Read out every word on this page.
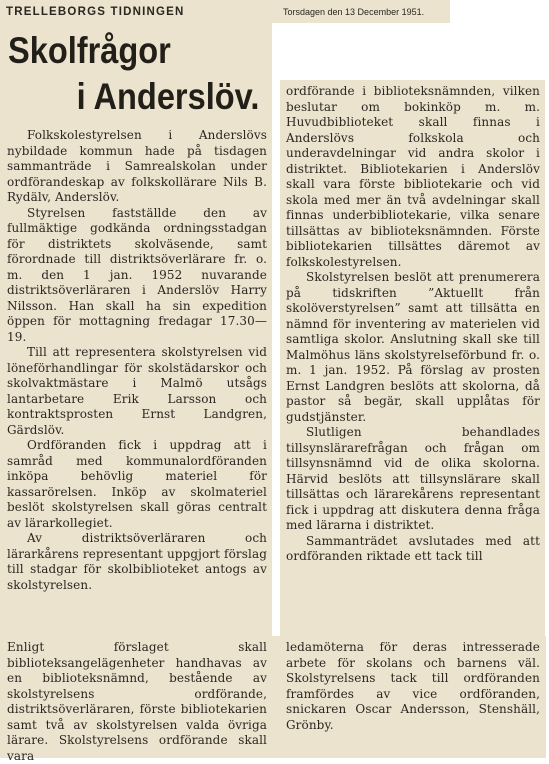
TRELLEBORGS TIDNINGEN	Torsdagen den 13 December 1951.
Skolfrågor
i Anderslöv.

Folkskolestyrelsen i Anderslövs nybildade kommun hade på tisdagen sammanträde i Samrealskolan under ordförandeskap av folkskollärare Nils B. Rydälv, Anderslöv.

Styrelsen fastställde den av fullmäktige godkända ordningsstadgan för distriktets skolväsende, samt förordnade till distriktsöverlärare fr. o. m. den 1 jan. 1952 nuvarande distriktsöverläraren i Anderslöv Harry Nilsson. Han skall ha sin expedition öppen för mottagning fredagar 17.30—19.

Till att representera skolstyrelsen vid löneförhandlingar för skolstädarskor och skolvaktmästare i Malmö utsågs lantarbetare Erik Larsson och kontraktsprosten Ernst Landgren, Gärdslöv.

Ordföranden fick i uppdrag att i samråd med kommunalordföranden inköpa behövlig materiel för kassarörelsen. Inköp av skolmateriel beslöt skolstyrelsen skall göras centralt av lärarkollegiet.

Av distriktsöverläraren och lärarkårens representant uppgjort förslag till stadgar för skolbiblioteket antogs av skolstyrelsen.

ordförande i biblioteksnämnden, vilken beslutar om bokinköp m. m. Huvudbiblioteket skall finnas i Anderslövs folkskola och underavdelningar vid andra skolor i distriktet. Bibliotekarien i Anderslöv skall vara förste bibliotekarie och vid skola med mer än två avdelningar skall finnas underbibliotekarie, vilka senare tillsättas av biblioteksnämnden. Förste bibliotekarien tillsättes däremot av folkskolestyrelsen.

Skolstyrelsen beslöt att prenumerera på tidskriften ”Aktuellt från skolöverstyrelsen” samt att tillsätta en nämnd för inventering av materielen vid samtliga skolor. Anslutning skall ske till Malmöhus läns skolstyrelseförbund fr. o. m. 1 jan. 1952. På förslag av prosten Ernst Landgren beslöts att skolorna, då pastor så begär, skall upplåtas för gudstjänster.

Slutligen behandlades tillsynslärarefrågan och frågan om tillsynsnämnd vid de olika skolorna. Härvid beslöts att tillsynslärare skall tillsättas och lärarekårens representant fick i uppdrag att diskutera denna fråga med lärarna i distriktet.

Sammanträdet avslutades med att ordföranden riktade ett tack till

Enligt förslaget skall biblioteksangelägenheter handhavas av en biblioteksnämnd, bestående av skolstyrelsens ordförande, distriktsöverläraren, förste bibliotekarien samt två av skolstyrelsen valda övriga lärare. Skolstyrelsens ordförande skall vara

ledamöterna för deras intresserade arbete för skolans och barnens väl. Skolstyrelsens tack till ordföranden framfördes av vice ordföranden, snickaren Oscar Andersson, Stenshäll, Grönby.
